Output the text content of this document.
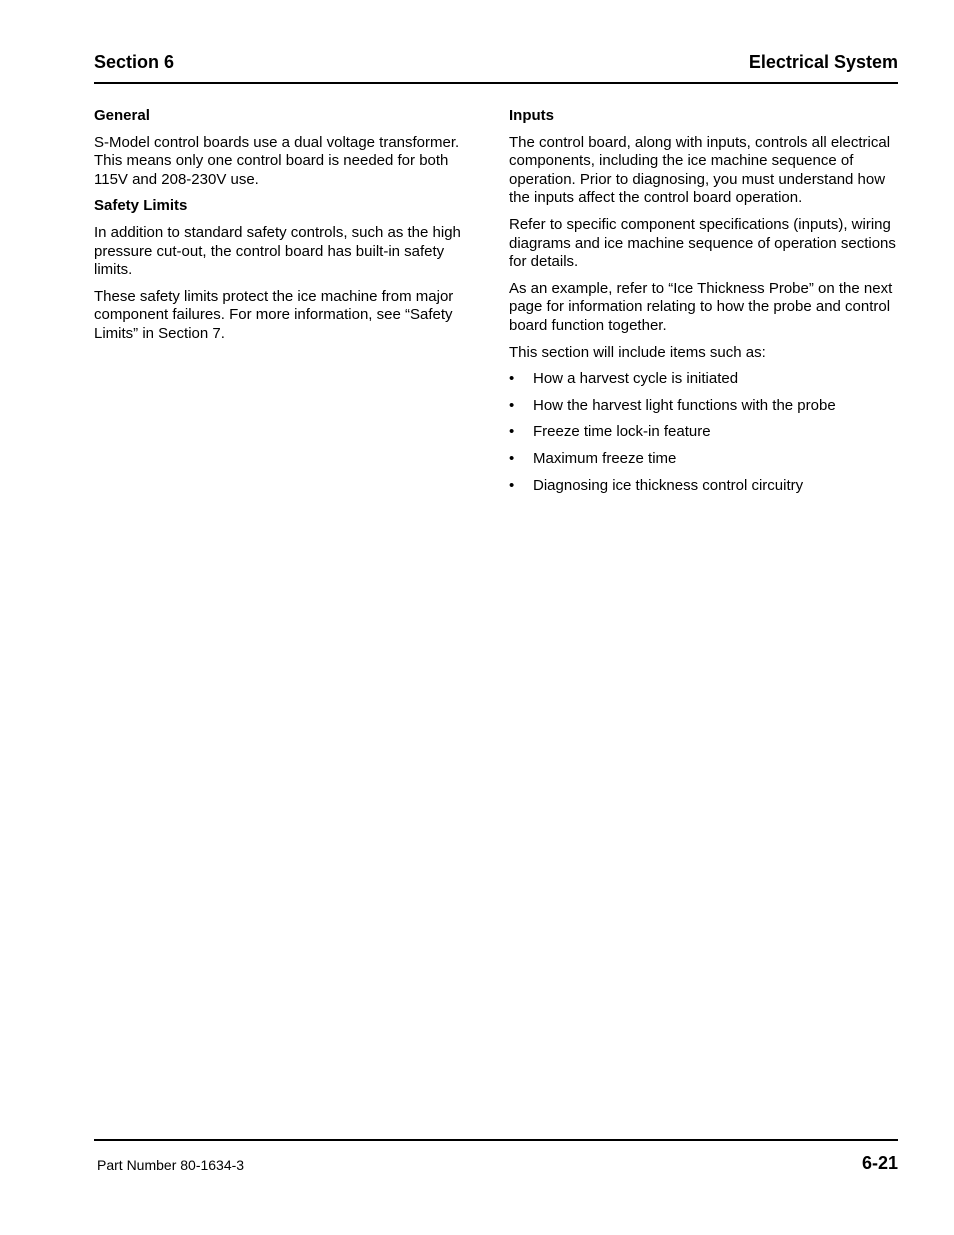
Section 6	Electrical System
General

S-Model control boards use a dual voltage transformer. This means only one control board is needed for both 115V and 208-230V use.

Safety Limits

In addition to standard safety controls, such as the high pressure cut-out, the control board has built-in safety limits.

These safety limits protect the ice machine from major component failures. For more information, see “Safety Limits” in Section 7.

Inputs

The control board, along with inputs, controls all electrical components, including the ice machine sequence of operation. Prior to diagnosing, you must understand how the inputs affect the control board operation.

Refer to specific component specifications (inputs), wiring diagrams and ice machine sequence of operation sections for details.

As an example, refer to “Ice Thickness Probe” on the next page for information relating to how the probe and control board function together.

This section will include items such as:

• How a harvest cycle is initiated
• How the harvest light functions with the probe
• Freeze time lock-in feature
• Maximum freeze time
• Diagnosing ice thickness control circuitry
Part Number 80-1634-3	6-21
